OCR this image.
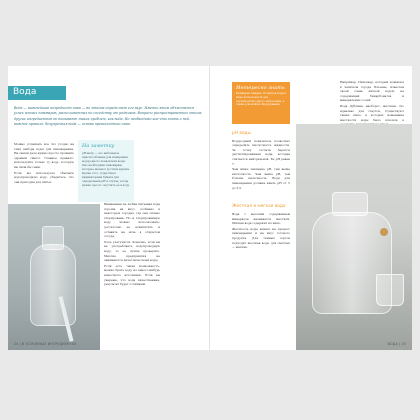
Вода
Вода — важнейший ингредиент пива — во многом определяет его вкус. Именно этим объясняется успех многих пивоваров, расположенных по соседству от родников. Вопросы распространенных многих других ингредиентов не вызывают таких проблем, как вода. Но необходимо кое-что знать о ней, важное правило: безупречная вода — основа превосходного пива.

Можно услышать все что угодно на тему выбора воды для пивоварения. На самом деле нужно просто проявить здравый смысл. Главное правило: используйте только ту воду, которую вы пили бы сами.

Если вы используете обычную водопроводную воду, убедитесь, что она пригодна для питья.

На заметку
pH-метр — это небольшое приспособление для измерения водородного показателя воды. Оно необходимо пивоварам, которые желают достичь идеала. Кроме того, существует индикаторная бумага для определения pH в случае, когда нужно просто опустить её в воду.

Вниманием не любая питьевая вода хороша на вкус, особенно в некоторых городах, где она сильно хлорирована. Но и хлорированную воду можно использовать: достаточно ее вскипятить и оставить на ночь в открытом сосуде.

Хлор улетучится. Конечно, если вы не употребляете водопроводную воду, то ее лучше проверить. Многие предприятия не занимаются качеством своей воды.

Если есть такая возможность, можно брать воду из какого-нибудь известного источника. Если вы уверены, что вода качественная, результат будет отличным.

24 | В ОСНОВНЫХ ИНГРЕДИЕНТАХ
Интересно знать
Примерно каждые 10 литров воды в мире используется для производства одного литра пива, а также для мойки оборудования.
pH воды

Водородный показатель позволяет определить кислотность жидкости. За точку отсчета берется дистиллированная вода, которая считается нейтральной. Ее pH равен 7.

Чем ниже значение pH, тем выше кислотность. Чем выше pH, тем больше щелочность. Вода для пивоварения должна иметь pH от 5 до 5,5.

Жесткая и мягкая вода

Вода с высоким содержанием минералов называется жесткой. Мягкая вода содержит их мало.

Жесткость воды влияет на процесс пивоварения и на вкус готового продукта. Для темных сортов подходит жесткая вода, для светлых — мягкая.

Например, Пильзнер, который появился в чешском городе Пльзень, известен своей очень мягкой водой, не содержащей бикарбонатов и минеральных солей.

Вода Дублина, наоборот, жесткая, что идеально для стаутов. Существуют также пиво, в которых изменение жесткости воды было ключом к

ВОДА | 25
